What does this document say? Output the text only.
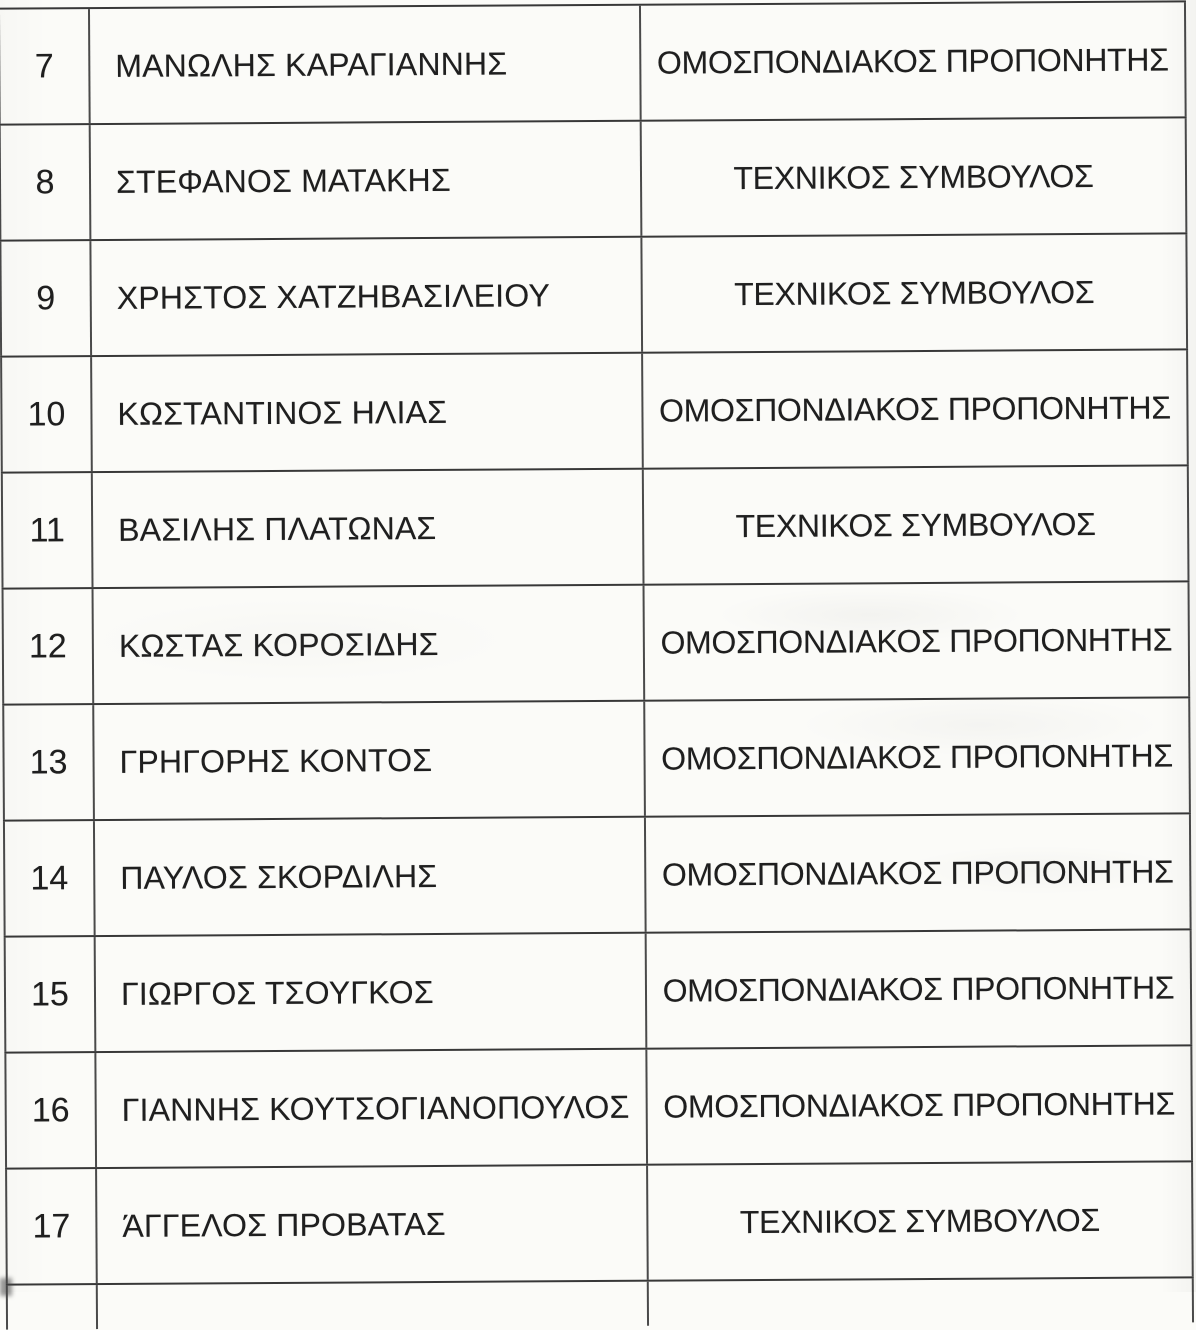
7	ΜΑΝΩΛΗΣ ΚΑΡΑΓΙΑΝΝΗΣ	ΟΜΟΣΠΟΝΔΙΑΚΟΣ ΠΡΟΠΟΝΗΤΗΣ
8	ΣΤΕΦΑΝΟΣ ΜΑΤΑΚΗΣ	ΤΕΧΝΙΚΟΣ ΣΥΜΒΟΥΛΟΣ
9	ΧΡΗΣΤΟΣ ΧΑΤΖΗΒΑΣΙΛΕΙΟΥ	ΤΕΧΝΙΚΟΣ ΣΥΜΒΟΥΛΟΣ
10	ΚΩΣΤΑΝΤΙΝΟΣ ΗΛΙΑΣ	ΟΜΟΣΠΟΝΔΙΑΚΟΣ ΠΡΟΠΟΝΗΤΗΣ
11	ΒΑΣΙΛΗΣ ΠΛΑΤΩΝΑΣ	ΤΕΧΝΙΚΟΣ ΣΥΜΒΟΥΛΟΣ
12	ΚΩΣΤΑΣ ΚΟΡΟΣΙΔΗΣ	ΟΜΟΣΠΟΝΔΙΑΚΟΣ ΠΡΟΠΟΝΗΤΗΣ
13	ΓΡΗΓΟΡΗΣ ΚΟΝΤΟΣ	ΟΜΟΣΠΟΝΔΙΑΚΟΣ ΠΡΟΠΟΝΗΤΗΣ
14	ΠΑΥΛΟΣ ΣΚΟΡΔΙΛΗΣ	ΟΜΟΣΠΟΝΔΙΑΚΟΣ ΠΡΟΠΟΝΗΤΗΣ
15	ΓΙΩΡΓΟΣ ΤΣΟΥΓΚΟΣ	ΟΜΟΣΠΟΝΔΙΑΚΟΣ ΠΡΟΠΟΝΗΤΗΣ
16	ΓΙΑΝΝΗΣ ΚΟΥΤΣΟΓΙΑΝΟΠΟΥΛΟΣ	ΟΜΟΣΠΟΝΔΙΑΚΟΣ ΠΡΟΠΟΝΗΤΗΣ
17	ΆΓΓΕΛΟΣ ΠΡΟΒΑΤΑΣ	ΤΕΧΝΙΚΟΣ ΣΥΜΒΟΥΛΟΣ
